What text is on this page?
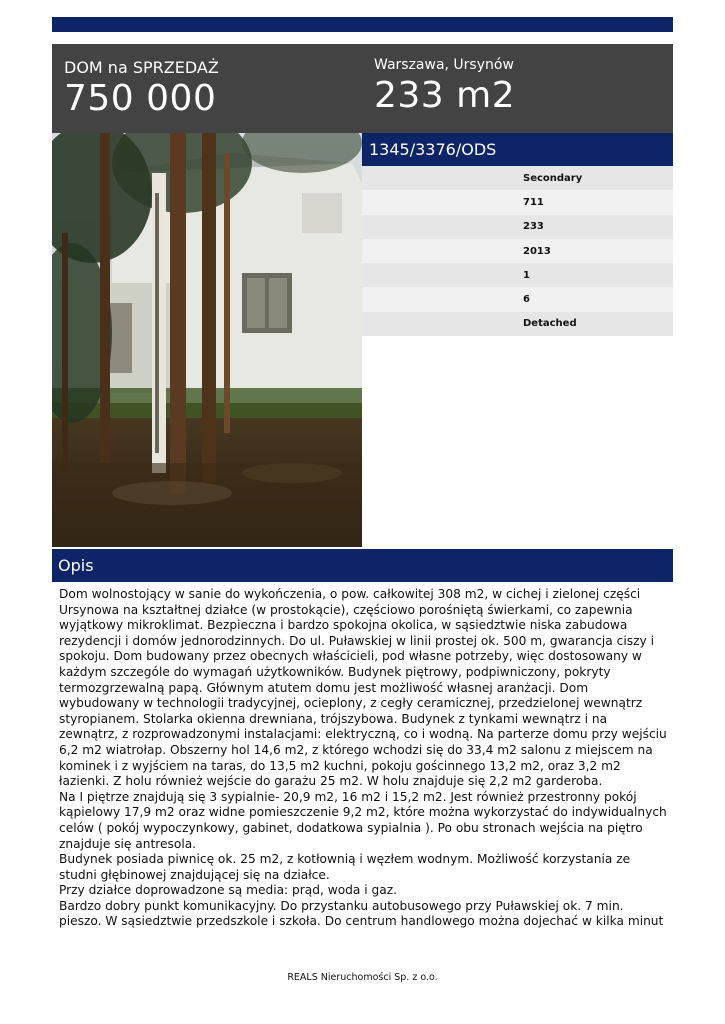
DOM na SPRZEDAŻ
750 000
Warszawa, Ursynów
233 m2
1345/3376/ODS
Secondary
711
233
2013
1
6
Detached
Opis
Dom wolnostojący w sanie do wykończenia, o pow. całkowitej 308 m2, w cichej i zielonej części
Ursynowa na kształtnej działce (w prostokącie), częściowo porośniętą świerkami, co zapewnia
wyjątkowy mikroklimat. Bezpieczna i bardzo spokojna okolica, w sąsiedztwie niska zabudowa
rezydencji i domów jednorodzinnych. Do ul. Puławskiej w linii prostej ok. 500 m, gwarancja ciszy i
spokoju. Dom budowany przez obecnych właścicieli, pod własne potrzeby, więc dostosowany w
każdym szczególe do wymagań użytkowników. Budynek piętrowy, podpiwniczony, pokryty
termozgrzewalną papą. Głównym atutem domu jest możliwość własnej aranżacji. Dom
wybudowany w technologii tradycyjnej, ocieplony, z cegły ceramicznej, przedzielonej wewnątrz
styropianem. Stolarka okienna drewniana, trójszybowa. Budynek z tynkami wewnątrz i na
zewnątrz, z rozprowadzonymi instalacjami: elektryczną, co i wodną. Na parterze domu przy wejściu
6,2 m2 wiatrołap. Obszerny hol 14,6 m2, z którego wchodzi się do 33,4 m2 salonu z miejscem na
kominek i z wyjściem na taras, do 13,5 m2 kuchni, pokoju gościnnego 13,2 m2, oraz 3,2 m2
łazienki. Z holu również wejście do garażu 25 m2. W holu znajduje się 2,2 m2 garderoba.
Na I piętrze znajdują się 3 sypialnie- 20,9 m2, 16 m2 i 15,2 m2. Jest również przestronny pokój
kąpielowy 17,9 m2 oraz widne pomieszczenie 9,2 m2, które można wykorzystać do indywidualnych
celów ( pokój wypoczynkowy, gabinet, dodatkowa sypialnia ). Po obu stronach wejścia na piętro
znajduje się antresola.
Budynek posiada piwnicę ok. 25 m2, z kotłownią i węzłem wodnym. Możliwość korzystania ze
studni głębinowej znajdującej się na działce.
Przy działce doprowadzone są media: prąd, woda i gaz.
Bardzo dobry punkt komunikacyjny. Do przystanku autobusowego przy Puławskiej ok. 7 min.
pieszo. W sąsiedztwie przedszkole i szkoła. Do centrum handlowego można dojechać w kilka minut
REALS Nieruchomości Sp. z o.o.
